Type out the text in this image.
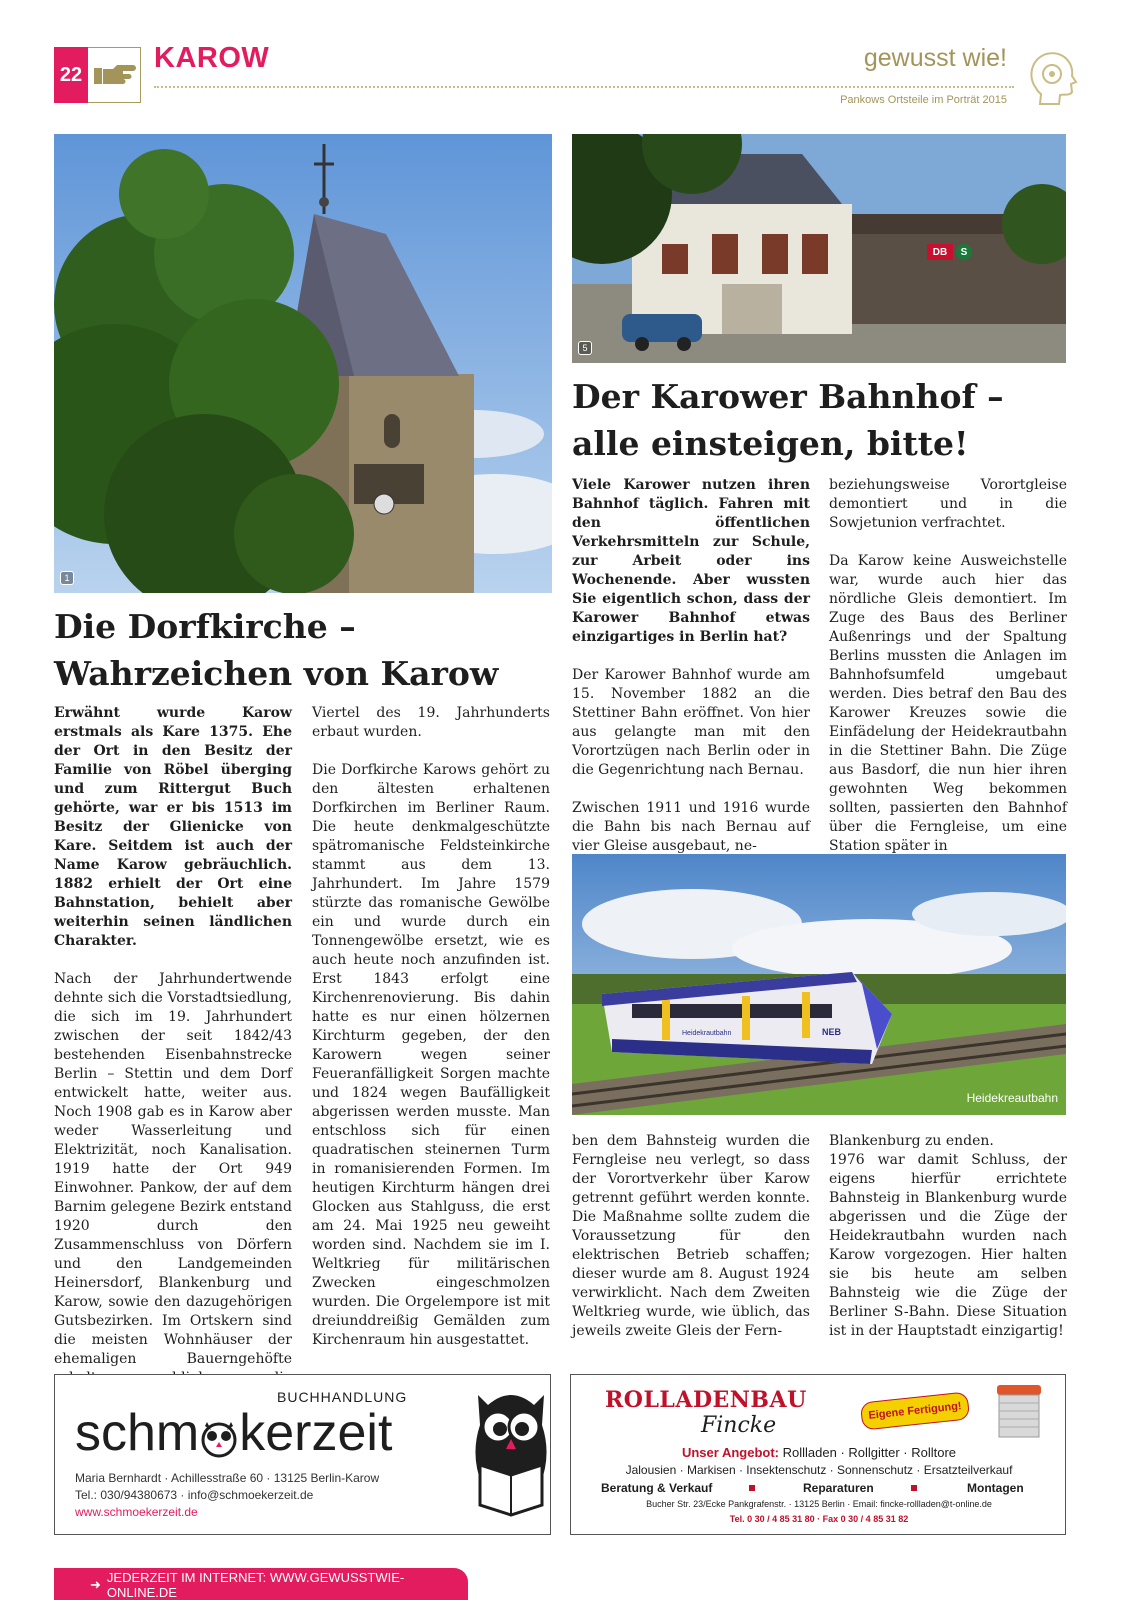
22
KAROW	gewusst wie!
Pankows Ortsteile im Porträt 2015
1
5
DB	S
Der Karower Bahnhof –
alle einsteigen, bitte!
Die Dorfkirche –
Wahrzeichen von Karow

Erwähnt wurde Karow erstmals als Kare 1375. Ehe der Ort in den Besitz der Familie von Röbel überging und zum Rittergut Buch gehörte, war er bis 1513 im Besitz der Glienicke von Kare. Seitdem ist auch der Name Karow gebräuchlich. 1882 erhielt der Ort eine Bahnstation, behielt aber weiterhin seinen ländlichen Charakter.

Nach der Jahrhundertwende dehnte sich die Vorstadtsiedlung, die sich im 19. Jahrhundert zwischen der seit 1842/43 bestehenden Eisenbahnstrecke Berlin – Stettin und dem Dorf entwickelt hatte, weiter aus. Noch 1908 gab es in Karow aber weder Wasserleitung und Elektrizität, noch Kanalisation. 1919 hatte der Ort 949 Einwohner. Pankow, der auf dem Barnim gelegene Bezirk entstand 1920 durch den Zusammenschluss von Dörfern und den Landgemeinden Heinersdorf, Blankenburg und Karow, sowie den dazugehörigen Gutsbezirken. Im Ortskern sind die meisten Wohnhäuser der ehemaligen Bauerngehöfte

Viertel des 19. Jahrhunderts erbaut wurden.

Die Dorfkirche Karows gehört zu den ältesten erhaltenen Dorfkirchen im Berliner Raum. Die heute denkmalgeschützte spätromanische Feldsteinkirche stammt aus dem 13. Jahrhundert. Im Jahre 1579 stürzte das romanische Gewölbe ein und wurde durch ein Tonnengewölbe ersetzt, wie es auch heute noch anzufinden ist. Erst 1843 erfolgt eine Kirchenrenovierung. Bis dahin hatte es nur einen hölzernen Kirchturm gegeben, der den Karowern wegen seiner Feueranfälligkeit Sorgen machte und 1824 wegen Baufälligkeit abgerissen werden musste. Man entschloss sich für einen quadratischen steinernen Turm in romanisierenden Formen. Im heutigen Kirchturm hängen drei Glocken aus Stahlguss, die erst am 24. Mai 1925 neu geweiht worden sind. Nachdem sie im I. Weltkrieg für militärischen Zwecken eingeschmolzen wurden. Die Orgelempore ist mit dreiunddreißig Gemälden zum Kirchenraum hin ausgestattet.

Viele Karower nutzen ihren Bahnhof täglich. Fahren mit den öffentlichen Verkehrsmitteln zur Schule, zur Arbeit oder ins Wochenende. Aber wussten Sie eigentlich schon, dass der Karower Bahnhof etwas einzigartiges in Berlin hat?

Der Karower Bahnhof wurde am 15. November 1882 an die Stettiner Bahn eröffnet. Von hier aus gelangte man mit den Vorortzügen nach Berlin oder in die Gegenrichtung nach Bernau.

Zwischen 1911 und 1916 wurde die Bahn bis nach Bernau auf vier Gleise ausgebaut, ne-

beziehungsweise Vorortgleise demontiert und in die Sowjetunion verfrachtet.

Da Karow keine Ausweichstelle war, wurde auch hier das nördliche Gleis demontiert. Im Zuge des Baus des Berliner Außenrings und der Spaltung Berlins mussten die Anlagen im Bahnhofsumfeld umgebaut werden. Dies betraf den Bau des Karower Kreuzes sowie die Einfädelung der Heidekrautbahn in die Stettiner Bahn. Die Züge aus Basdorf, die nun hier ihren gewohnten Weg bekommen sollten, passierten den Bahnhof über die Ferngleise, um eine Station später in

Heidekrautbahn	NEB
Heidekreautbahn

ben dem Bahnsteig wurden die Ferngleise neu verlegt, so dass der Vorortverkehr über Karow getrennt geführt werden konnte. Die Maßnahme sollte zudem die Voraussetzung für den elektrischen Betrieb schaffen; dieser wurde am 8. August 1924 verwirklicht. Nach dem Zweiten Weltkrieg wurde, wie üblich, das jeweils zweite Gleis der Fern-

Blankenburg zu enden.

1976 war damit Schluss, der eigens hierfür errichtete Bahnsteig in Blankenburg wurde abgerissen und die Züge der Heidekrautbahn wurden nach Karow vorgezogen. Hier halten sie bis heute am selben Bahnsteig wie die Züge der Berliner S-Bahn. Diese Situation ist in der Hauptstadt einzigartig!

BUCHHANDLUNG
schm kerzeit
Maria Bernhardt · Achillesstraße 60 · 13125 Berlin-Karow
Tel.: 030/94380673 · info@schmoekerzeit.de
www.schmoekerzeit.de
ROLLADENBAU
Fincke
Eigene Fertigung!
Unser Angebot: Rollladen · Rollgitter · Rolltore
Jalousien · Markisen · Insektenschutz · Sonnenschutz · Ersatzteilverkauf
Beratung & Verkauf	Reparaturen	Montagen
Bucher Str. 23/Ecke Pankgrafenstr. · 13125 Berlin · Email: fincke-rollladen@t-online.de
Tel. 0 30 / 4 85 31 80 · Fax 0 30 / 4 85 31 82
➜ JEDERZEIT IM INTERNET: WWW.GEWUSSTWIE-ONLINE.DE
